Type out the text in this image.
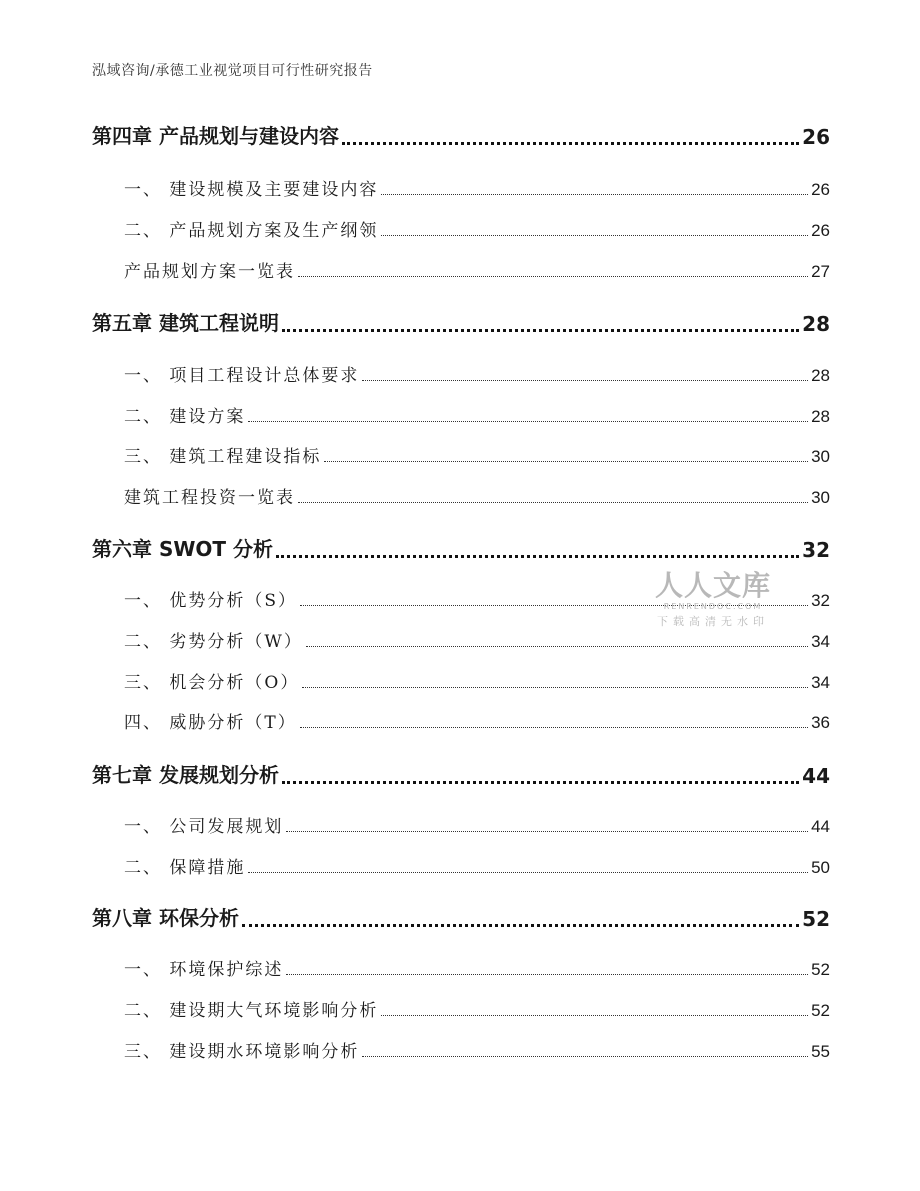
泓域咨询/承德工业视觉项目可行性研究报告
第四章 产品规划与建设内容	26
一、 建设规模及主要建设内容	26
二、 产品规划方案及生产纲领	26
产品规划方案一览表	27
第五章 建筑工程说明	28
一、 项目工程设计总体要求	28
二、 建设方案	28
三、 建筑工程建设指标	30
建筑工程投资一览表	30
第六章 SWOT 分析	32
一、 优势分析（S）	32
二、 劣势分析（W）	34
三、 机会分析（O）	34
四、 威胁分析（T）	36
第七章 发展规划分析	44
一、 公司发展规划	44
二、 保障措施	50
第八章 环保分析	52
一、 环境保护综述	52
二、 建设期大气环境影响分析	52
三、 建设期水环境影响分析	55
人人文库
RENRENDOC.COM
下载高清无水印
